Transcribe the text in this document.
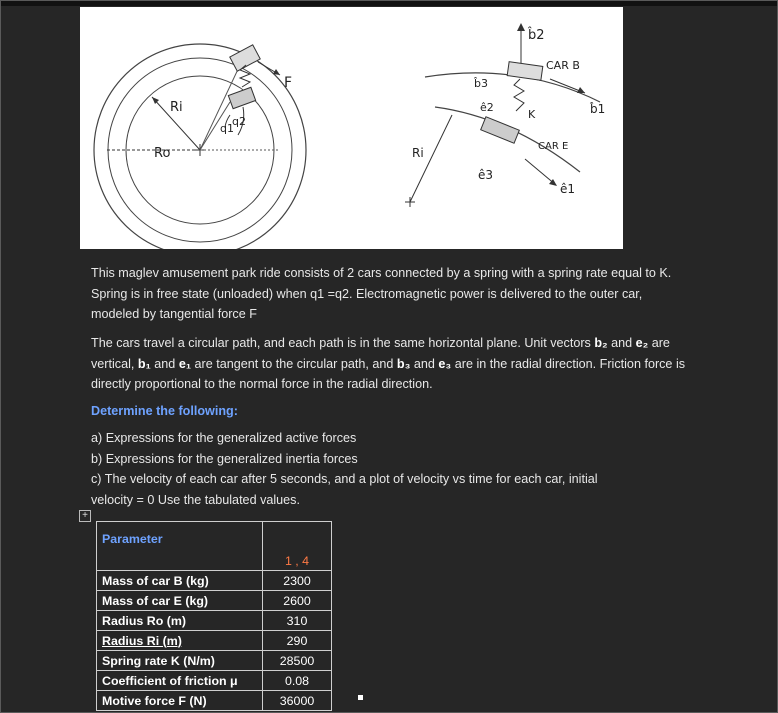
Ri
Ro
q2
q1
F
b̂2
CAR B
b̂3
b̂1
ê2
K
CAR E
Ri
ê3
ê1
This maglev amusement park ride consists of 2 cars connected by a spring with a spring rate equal to K. Spring is in free state (unloaded) when q1 =q2. Electromagnetic power is delivered to the outer car, modeled by tangential force F
The cars travel a circular path, and each path is in the same horizontal plane. Unit vectors b₂ and e₂ are vertical, b₁ and e₁ are tangent to the circular path, and b₃ and e₃ are in the radial direction. Friction force is directly proportional to the normal force in the radial direction.
Determine the following:
a) Expressions for the generalized active forces
b) Expressions for the generalized inertia forces
c) The velocity of each car after 5 seconds, and a plot of velocity vs time for each car, initial
velocity = 0 Use the tabulated values.
+
Parameter	1 , 4
Mass of car B (kg)	2300
Mass of car E (kg)	2600
Radius Ro (m)	310
Radius Ri (m)	290
Spring rate K (N/m)	28500
Coefficient of friction μ	0.08
Motive force F (N)	36000
